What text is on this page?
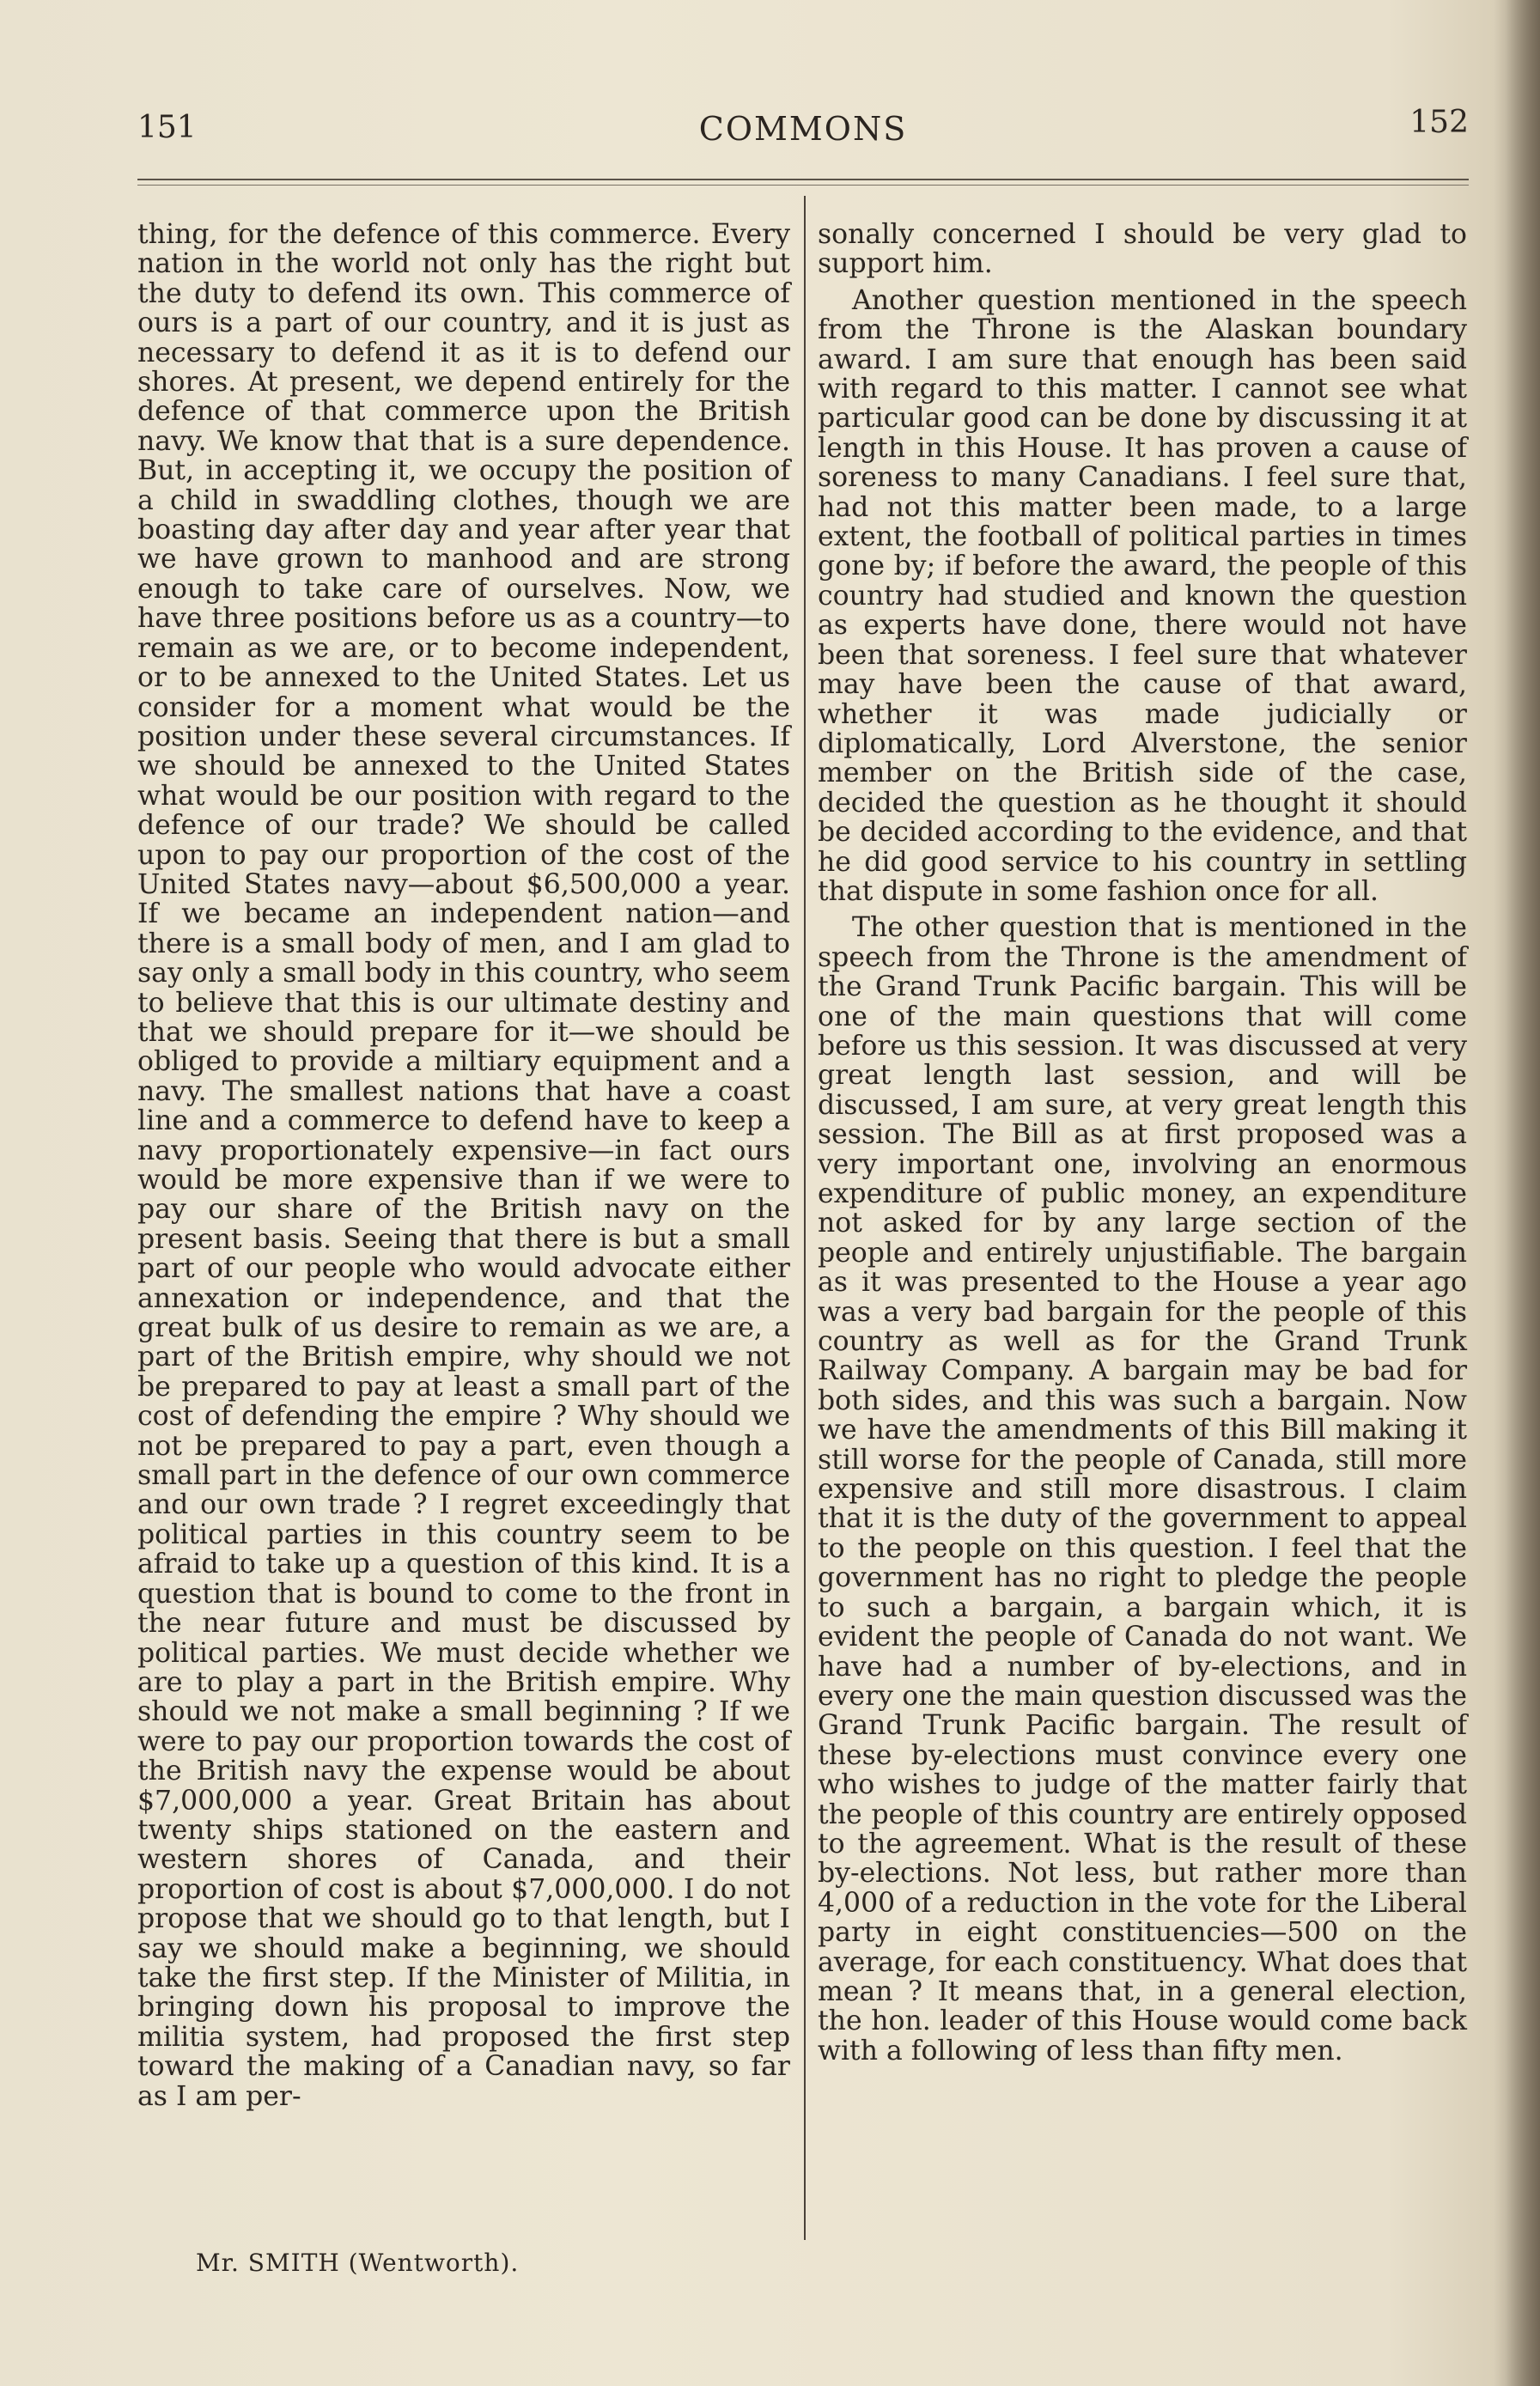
151	COMMONS	152

thing, for the defence of this commerce. Every nation in the world not only has the right but the duty to defend its own. This commerce of ours is a part of our country, and it is just as necessary to defend it as it is to defend our shores. At present, we depend entirely for the defence of that commerce upon the British navy. We know that that is a sure dependence. But, in accepting it, we occupy the position of a child in swaddling clothes, though we are boasting day after day and year after year that we have grown to manhood and are strong enough to take care of ourselves. Now, we have three positions before us as a country—to remain as we are, or to become independent, or to be annexed to the United States. Let us consider for a moment what would be the position under these several circumstances. If we should be annexed to the United States what would be our position with regard to the defence of our trade? We should be called upon to pay our proportion of the cost of the United States navy—about $6,500,000 a year. If we became an independent nation—and there is a small body of men, and I am glad to say only a small body in this country, who seem to believe that this is our ultimate destiny and that we should prepare for it—we should be obliged to provide a miltiary equipment and a navy. The smallest nations that have a coast line and a commerce to defend have to keep a navy proportionately expensive—in fact ours would be more expensive than if we were to pay our share of the British navy on the present basis. Seeing that there is but a small part of our people who would advocate either annexation or independence, and that the great bulk of us desire to remain as we are, a part of the British empire, why should we not be prepared to pay at least a small part of the cost of defending the empire ? Why should we not be prepared to pay a part, even though a small part in the defence of our own commerce and our own trade ? I regret exceedingly that political parties in this country seem to be afraid to take up a question of this kind. It is a question that is bound to come to the front in the near future and must be discussed by political parties. We must decide whether we are to play a part in the British empire. Why should we not make a small beginning ? If we were to pay our proportion towards the cost of the British navy the expense would be about $7,000,000 a year. Great Britain has about twenty ships stationed on the eastern and western shores of Canada, and their proportion of cost is about $7,000,000. I do not propose that we should go to that length, but I say we should make a beginning, we should take the first step. If the Minister of Militia, in bringing down his proposal to improve the militia system, had proposed the first step toward the making of a Canadian navy, so far as I am per-

sonally concerned I should be very glad to support him.

Another question mentioned in the speech from the Throne is the Alaskan boundary award. I am sure that enough has been said with regard to this matter. I cannot see what particular good can be done by discussing it at length in this House. It has proven a cause of soreness to many Canadians. I feel sure that, had not this matter been made, to a large extent, the football of political parties in times gone by; if before the award, the people of this country had studied and known the question as experts have done, there would not have been that soreness. I feel sure that whatever may have been the cause of that award, whether it was made judicially or diplomatically, Lord Alverstone, the senior member on the British side of the case, decided the question as he thought it should be decided according to the evidence, and that he did good service to his country in settling that dispute in some fashion once for all.

The other question that is mentioned in the speech from the Throne is the amendment of the Grand Trunk Pacific bargain. This will be one of the main questions that will come before us this session. It was discussed at very great length last session, and will be discussed, I am sure, at very great length this session. The Bill as at first proposed was a very important one, involving an enormous expenditure of public money, an expenditure not asked for by any large section of the people and entirely unjustifiable. The bargain as it was presented to the House a year ago was a very bad bargain for the people of this country as well as for the Grand Trunk Railway Company. A bargain may be bad for both sides, and this was such a bargain. Now we have the amendments of this Bill making it still worse for the people of Canada, still more expensive and still more disastrous. I claim that it is the duty of the government to appeal to the people on this question. I feel that the government has no right to pledge the people to such a bargain, a bargain which, it is evident the people of Canada do not want. We have had a number of by-elections, and in every one the main question discussed was the Grand Trunk Pacific bargain. The result of these by-elections must convince every one who wishes to judge of the matter fairly that the people of this country are entirely opposed to the agreement. What is the result of these by-elections. Not less, but rather more than 4,000 of a reduction in the vote for the Liberal party in eight constituencies—500 on the average, for each constituency. What does that mean ? It means that, in a general election, the hon. leader of this House would come back with a following of less than fifty men.

Mr. SMITH (Wentworth).
